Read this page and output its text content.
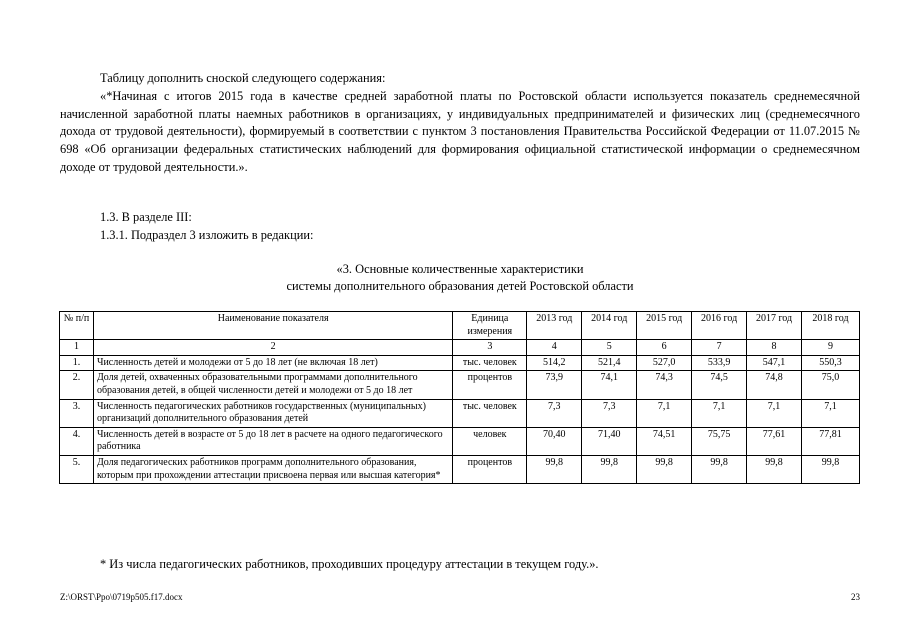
Таблицу дополнить сноской следующего содержания:

«*Начиная с итогов 2015 года в качестве средней заработной платы по Ростовской области используется показатель среднемесячной начисленной заработной платы наемных работников в организациях, у индивидуальных предпринимателей и физических лиц (среднемесячного дохода от трудовой деятельности), формируемый в соответствии с пунктом 3 постановления Правительства Российской Федерации от 11.07.2015 № 698 «Об организации федеральных статистических наблюдений для формирования официальной статистической информации о среднемесячном доходе от трудовой деятельности.».

1.3. В разделе III:

1.3.1. Подраздел 3 изложить в редакции:

«3. Основные количественные характеристики
системы дополнительного образования детей Ростовской области
№ п/п	Наименование показателя	Единица измерения	2013 год	2014 год	2015 год	2016 год	2017 год	2018 год
1	2	3	4	5	6	7	8	9
1.	Численность детей и молодежи от 5 до 18 лет (не включая 18 лет)	тыс. человек	514,2	521,4	527,0	533,9	547,1	550,3
2.	Доля детей, охваченных образовательными программами дополнительного образования детей, в общей численности детей и молодежи от 5 до 18 лет	процентов	73,9	74,1	74,3	74,5	74,8	75,0
3.	Численность педагогических работников государственных (муниципальных) организаций дополнительного образования детей	тыс. человек	7,3	7,3	7,1	7,1	7,1	7,1
4.	Численность детей в возрасте от 5 до 18 лет в расчете на одного педагогического работника	человек	70,40	71,40	74,51	75,75	77,61	77,81
5.	Доля педагогических работников программ дополнительного образования, которым при прохождении аттестации присвоена первая или высшая категория*	процентов	99,8	99,8	99,8	99,8	99,8	99,8
* Из числа педагогических работников, проходивших процедуру аттестации в текущем году.».
Z:\ORST\Ppo\0719p505.f17.docx	23
